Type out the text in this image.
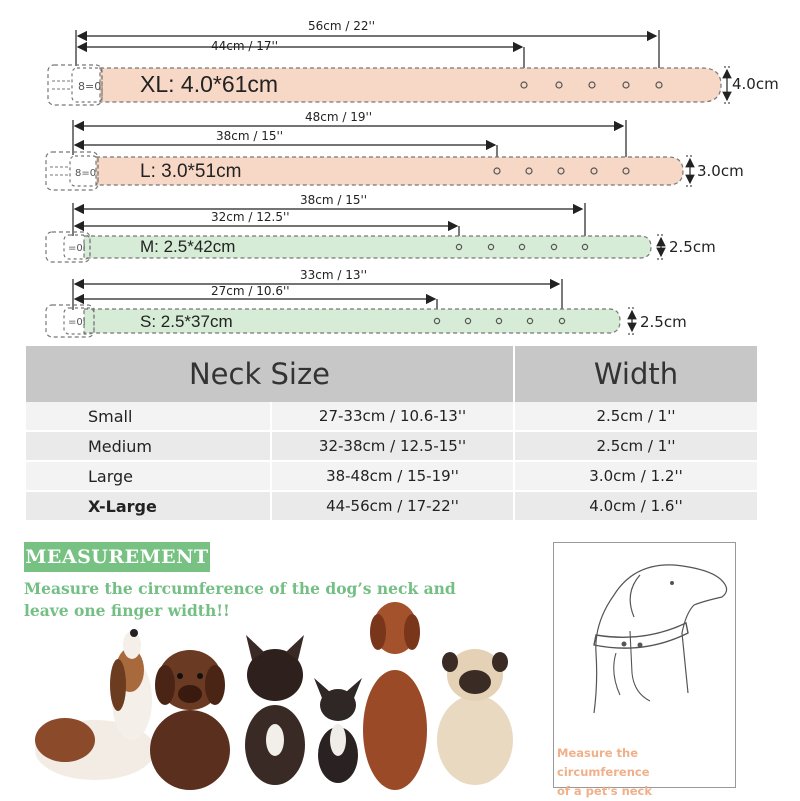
8=0
8=0
=0l
=0l
56cm / 22''
44cm / 17''
XL: 4.0*61cm	4.0cm
48cm / 19''
38cm / 15''
L: 3.0*51cm	3.0cm
38cm / 15''
32cm / 12.5''
M: 2.5*42cm	2.5cm
33cm / 13''
27cm / 10.6''
S: 2.5*37cm	2.5cm
Neck Size		Width
Small	27-33cm / 10.6-13''	2.5cm / 1''
Medium	32-38cm / 12.5-15''	2.5cm / 1''
Large	38-48cm / 15-19''	3.0cm / 1.2''
X-Large	44-56cm / 17-22''	4.0cm / 1.6''
MEASUREMENT
Measure the circumference of the dog’s neck and
leave one finger width!!
Measure the circumference
of a pet's neck
